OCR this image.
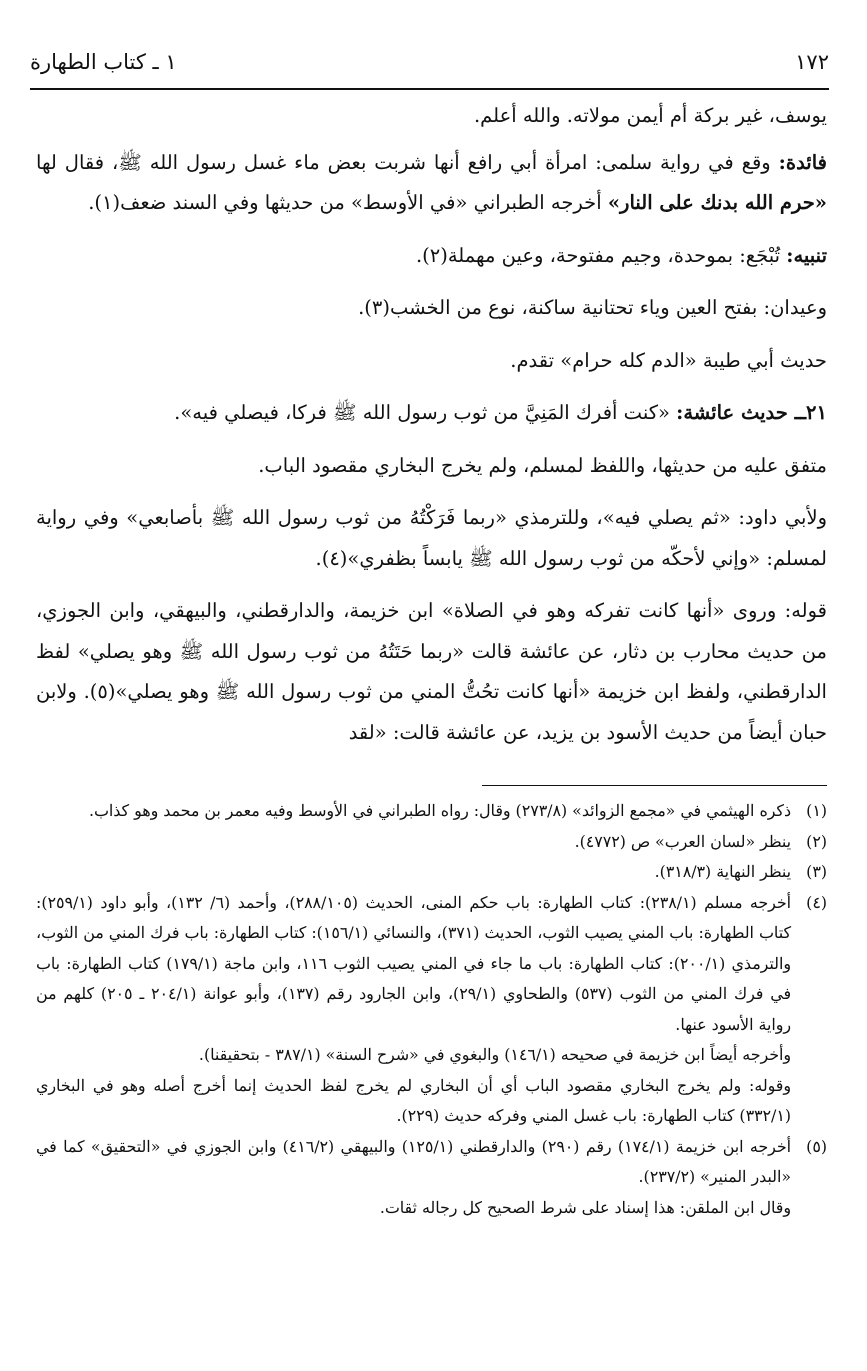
١٧٢
١ ـ كتاب الطهارة

يوسف، غير بركة أم أيمن مولاته. والله أعلم.

فائدة: وقع في رواية سلمى: امرأة أبي رافع أنها شربت بعض ماء غسل رسول الله ﷺ، فقال لها «حرم الله بدنك على النار» أخرجه الطبراني «في الأوسط» من حديثها وفي السند ضعف(١).

تنبيه: تُبْجَع: بموحدة، وجيم مفتوحة، وعين مهملة(٢).

وعيدان: بفتح العين وياء تحتانية ساكنة، نوع من الخشب(٣).

حديث أبي طيبة «الدم كله حرام» تقدم.

٢١ــ حديث عائشة: «كنت أفرك المَنِيَّ من ثوب رسول الله ﷺ فركا، فيصلي فيه».

متفق عليه من حديثها، واللفظ لمسلم، ولم يخرج البخاري مقصود الباب.

ولأبي داود: «ثم يصلي فيه»، وللترمذي «ربما فَرَكْتُهُ من ثوب رسول الله ﷺ بأصابعي» وفي رواية لمسلم: «وإني لأحكّه من ثوب رسول الله ﷺ يابساً بظفري»(٤).

قوله: وروى «أنها كانت تفركه وهو في الصلاة» ابن خزيمة، والدارقطني، والبيهقي، وابن الجوزي، من حديث محارب بن دثار، عن عائشة قالت «ربما حَتَتُهُ من ثوب رسول الله ﷺ وهو يصلي» لفظ الدارقطني، ولفظ ابن خزيمة «أنها كانت تحُتُّ المني من ثوب رسول الله ﷺ وهو يصلي»(٥). ولابن حبان أيضاً من حديث الأسود بن يزيد، عن عائشة قالت: «لقد

(١)
ذكره الهيثمي في «مجمع الزوائد» (٢٧٣/٨) وقال: رواه الطبراني في الأوسط وفيه معمر بن محمد وهو كذاب.
(٢)
ينظر «لسان العرب» ص (٤٧٧٢).
(٣)
ينظر النهاية (٣١٨/٣).
(٤)
أخرجه مسلم (٢٣٨/١): كتاب الطهارة: باب حكم المنى، الحديث (٢٨٨/١٠٥)، وأحمد (٦/ ١٣٢)، وأبو داود (٢٥٩/١): كتاب الطهارة: باب المني يصيب الثوب، الحديث (٣٧١)، والنسائي (١٥٦/١): كتاب الطهارة: باب فرك المني من الثوب، والترمذي (٢٠٠/١): كتاب الطهارة: باب ما جاء في المني يصيب الثوب ١١٦، وابن ماجة (١٧٩/١) كتاب الطهارة: باب في فرك المني من الثوب (٥٣٧) والطحاوي (٢٩/١)، وابن الجارود رقم (١٣٧)، وأبو عوانة (٢٠٤/١ ـ ٢٠٥) كلهم من رواية الأسود عنها.
وأخرجه أيضاً ابن خزيمة في صحيحه (١٤٦/١) والبغوي في «شرح السنة» (٣٨٧/١ - بتحقيقنا).
وقوله: ولم يخرج البخاري مقصود الباب أي أن البخاري لم يخرج لفظ الحديث إنما أخرج أصله وهو في البخاري (٣٣٢/١) كتاب الطهارة: باب غسل المني وفركه حديث (٢٢٩).
(٥)
أخرجه ابن خزيمة (١٧٤/١) رقم (٢٩٠) والدارقطني (١٢٥/١) والبيهقي (٤١٦/٢) وابن الجوزي في «التحقيق» كما في «البدر المنير» (٢٣٧/٢).
وقال ابن الملقن: هذا إسناد على شرط الصحيح كل رجاله ثقات.
